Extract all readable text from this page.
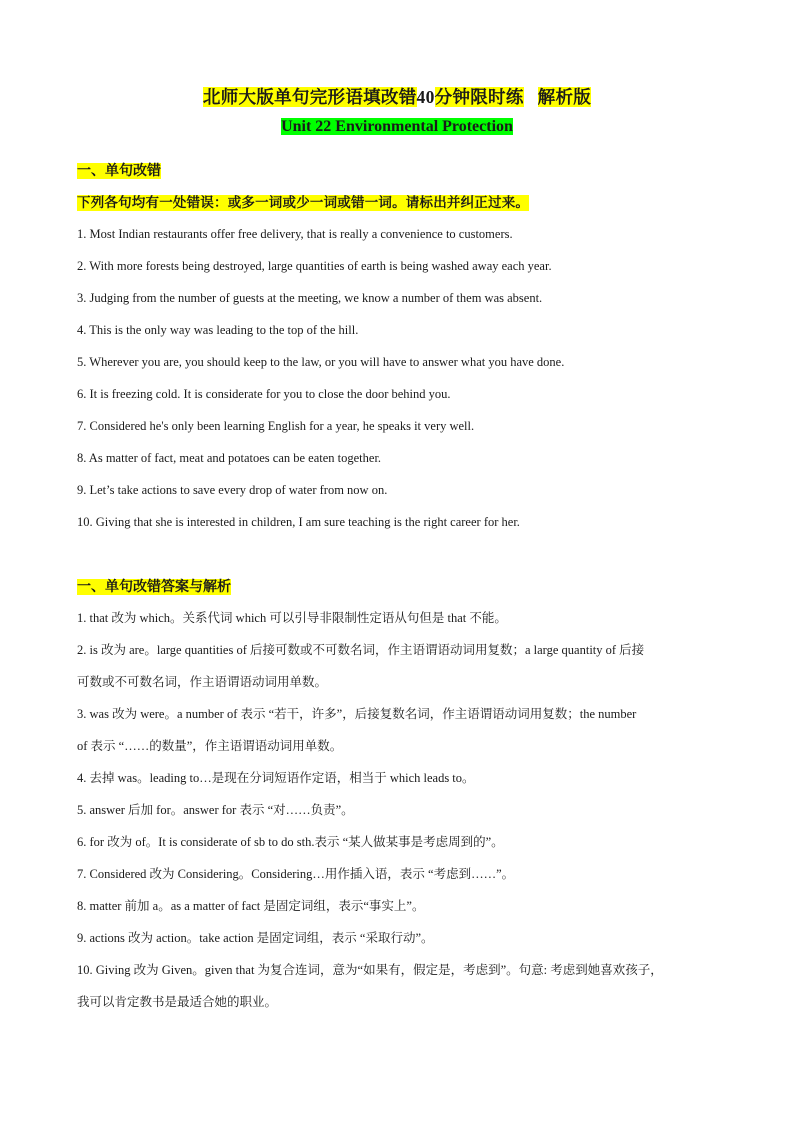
北师大版单句完形语填改错40分钟限时练 解析版
Unit 22 Environmental Protection
一、单句改错
下列各句均有一处错误：或多一词或少一词或错一词。请标出并纠正过来。
1. Most Indian restaurants offer free delivery, that is really a convenience to customers.
2. With more forests being destroyed, large quantities of earth is being washed away each year.
3. Judging from the number of guests at the meeting, we know a number of them was absent.
4. This is the only way was leading to the top of the hill.
5. Wherever you are, you should keep to the law, or you will have to answer what you have done.
6. It is freezing cold. It is considerate for you to close the door behind you.
7. Considered he's only been learning English for a year, he speaks it very well.
8. As matter of fact, meat and potatoes can be eaten together.
9. Let’s take actions to save every drop of water from now on.
10. Giving that she is interested in children, I am sure teaching is the right career for her.
一、单句改错答案与解析
1. that 改为 which。关系代词 which 可以引导非限制性定语从句但是 that 不能。
2. is 改为 are。large quantities of 后接可数或不可数名词，作主语谓语动词用复数；a large quantity of 后接
可数或不可数名词，作主语谓语动词用单数。
3. was 改为 were。a number of 表示 “若干，许多”，后接复数名词，作主语谓语动词用复数；the number
of 表示 “……的数量”，作主语谓语动词用单数。
4. 去掉 was。leading to…是现在分词短语作定语，相当于 which leads to。
5. answer 后加 for。answer for 表示 “对……负责”。
6. for 改为 of。It is considerate of sb to do sth.表示 “某人做某事是考虑周到的”。
7. Considered 改为 Considering。Considering…用作插入语，表示 “考虑到……”。
8. matter 前加 a。as a matter of fact 是固定词组，表示“事实上”。
9. actions 改为 action。take action 是固定词组，表示 “采取行动”。
10. Giving 改为 Given。given that 为复合连词，意为“如果有，假定是，考虑到”。句意: 考虑到她喜欢孩子，
我可以肯定教书是最适合她的职业。
